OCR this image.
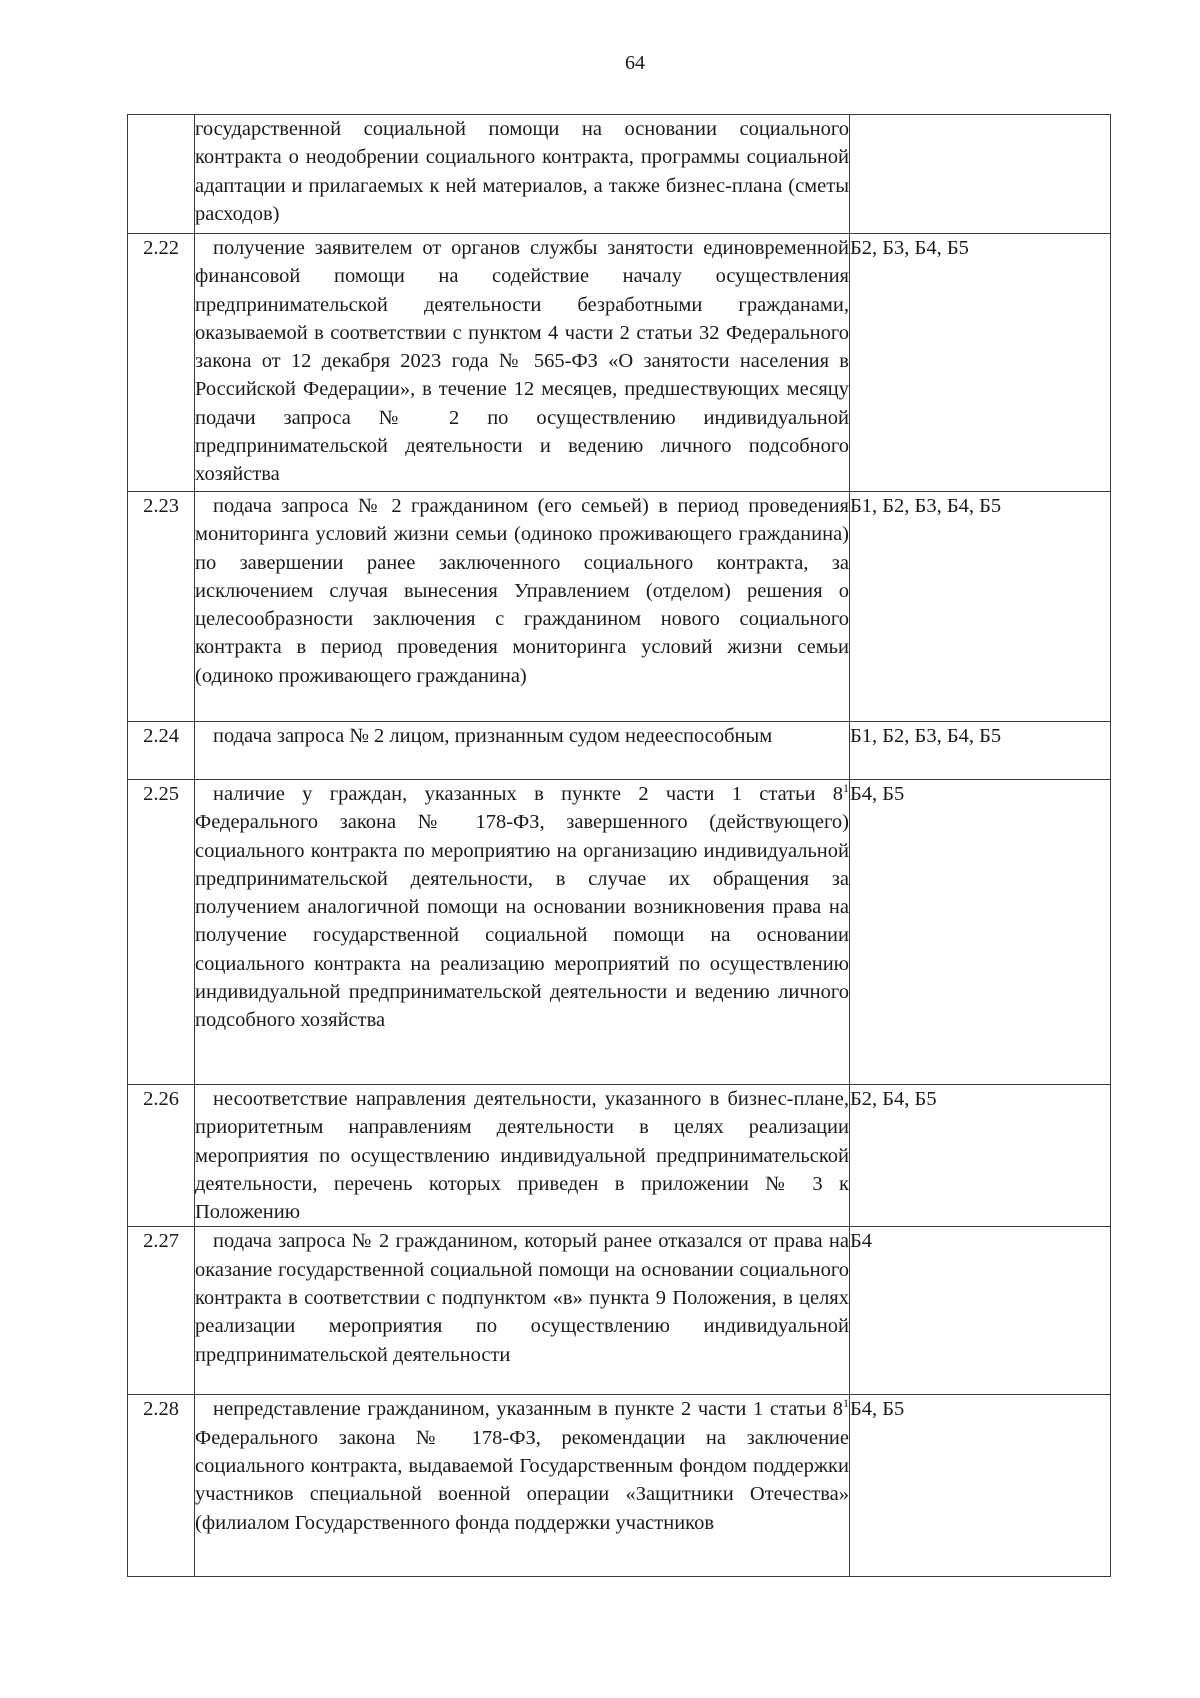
64

	государственной социальной помощи на основании социального контракта о неодобрении социального контракта, программы социальной адаптации и прилагаемых к ней материалов, а также бизнес-плана (сметы расходов)	

2.22	получение заявителем от органов службы занятости единовременной финансовой помощи на содействие началу осуществления предпринимательской деятельности безработными гражданами, оказываемой в соответствии с пунктом 4 части 2 статьи 32 Федерального закона от 12 декабря 2023 года № 565-ФЗ «О занятости населения в Российской Федерации», в течение 12 месяцев, предшествующих месяцу подачи запроса № 2 по осуществлению индивидуальной предпринимательской деятельности и ведению личного подсобного хозяйства	Б2, Б3, Б4, Б5
2.23	подача запроса № 2 гражданином (его семьей) в период проведения мониторинга условий жизни семьи (одиноко проживающего гражданина) по завершении ранее заключенного социального контракта, за исключением случая вынесения Управлением (отделом) решения о целесообразности заключения с гражданином нового социального контракта в период проведения мониторинга условий жизни семьи (одиноко проживающего гражданина)	Б1, Б2, Б3, Б4, Б5
2.24	подача запроса № 2 лицом, признанным судом недееспособным	Б1, Б2, Б3, Б4, Б5
2.25	наличие у граждан, указанных в пункте 2 части 1 статьи $8^1$ Федерального закона № 178-ФЗ, завершенного (действующего) социального контракта по мероприятию на организацию индивидуальной предпринимательской деятельности, в случае их обращения за получением аналогичной помощи на основании возникновения права на получение государственной социальной помощи на основании социального контракта на реализацию мероприятий по осуществлению индивидуальной предпринимательской деятельности и ведению личного подсобного хозяйства	Б4, Б5
2.26	несоответствие направления деятельности, указанного в бизнес-плане, приоритетным направлениям деятельности в целях реализации мероприятия по осуществлению индивидуальной предпринимательской деятельности, перечень которых приведен в приложении № 3 к Положению	Б2, Б4, Б5
2.27	подача запроса № 2 гражданином, который ранее отказался от права на оказание государственной социальной помощи на основании социального контракта в соответствии с подпунктом «в» пункта 9 Положения, в целях реализации мероприятия по осуществлению индивидуальной предпринимательской деятельности	Б4
2.28	непредставление гражданином, указанным в пункте 2 части 1 статьи $8^1$ Федерального закона № 178-ФЗ, рекомендации на заключение социального контракта, выдаваемой Государственным фондом поддержки участников специальной военной операции «Защитники Отечества» (филиалом Государственного фонда поддержки участников	Б4, Б5
